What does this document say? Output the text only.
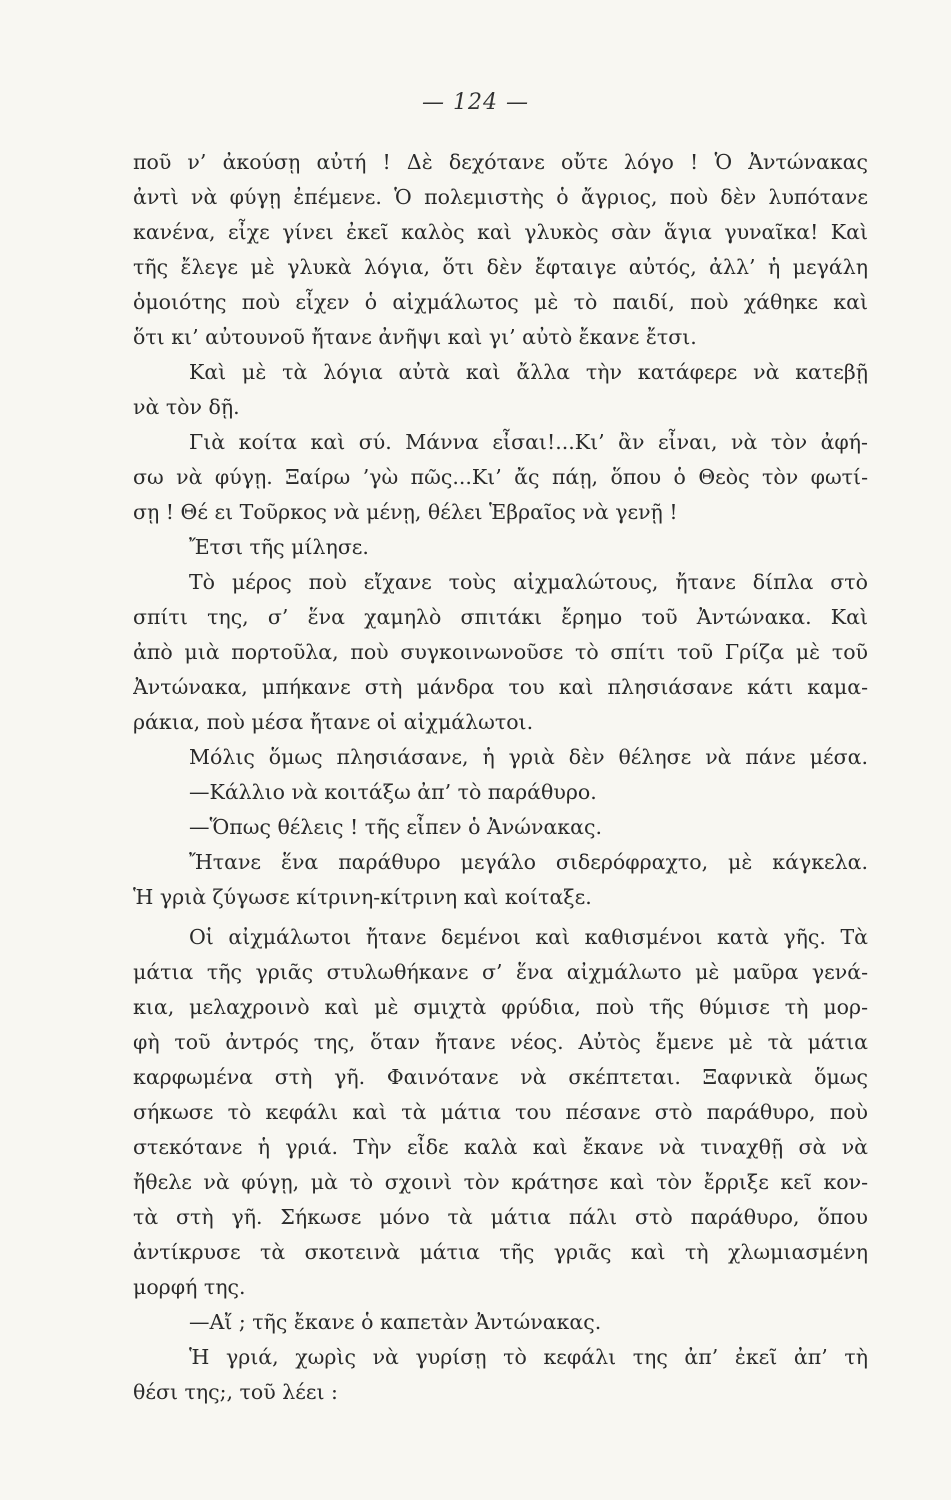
— 124 —
ποῦ ν’ ἀκούσῃ αὐτή ! Δὲ δεχότανε οὔτε λόγο ! Ὁ Ἀντώνακας
ἀντὶ νὰ φύγῃ ἐπέμενε. Ὁ πολεμιστὴς ὁ ἄγριος, ποὺ δὲν λυπότανε
κανένα, εἶχε γίνει ἐκεῖ καλὸς καὶ γλυκὸς σὰν ἅγια γυναῖκα! Καὶ
τῆς ἔλεγε μὲ γλυκὰ λόγια, ὅτι δὲν ἔφταιγε αὐτός, ἀλλ’ ἡ μεγάλη
ὁμοιότης ποὺ εἶχεν ὁ αἰχμάλωτος μὲ τὸ παιδί, ποὺ χάθηκε καὶ
ὅτι κι’ αὐτουνοῦ ἤτανε ἀνῆψι καὶ γι’ αὐτὸ ἔκανε ἔτσι.
Καὶ μὲ τὰ λόγια αὐτὰ καὶ ἄλλα τὴν κατάφερε νὰ κατεβῇ
νὰ τὸν δῇ.
Γιὰ κοίτα καὶ σύ. Μάννα εἶσαι!...Κι’ ἂν εἶναι, νὰ τὸν ἀφή-
σω νὰ φύγῃ. Ξαίρω ’γὼ πῶς...Κι’ ἄς πάῃ, ὅπου ὁ Θεὸς τὸν φωτί-
σῃ ! Θέ ει Τοῦρκος νὰ μένῃ, θέλει Ἑβραῖος νὰ γενῇ !
Ἔτσι τῆς μίλησε.
Τὸ μέρος ποὺ εἴχανε τοὺς αἰχμαλώτους, ἤτανε δίπλα στὸ
σπίτι της, σ’ ἕνα χαμηλὸ σπιτάκι ἔρημο τοῦ Ἀντώνακα. Καὶ
ἀπὸ μιὰ πορτοῦλα, ποὺ συγκοινωνοῦσε τὸ σπίτι τοῦ Γρίζα μὲ τοῦ
Ἀντώνακα, μπήκανε στὴ μάνδρα του καὶ πλησιάσανε κάτι καμα-
ράκια, ποὺ μέσα ἤτανε οἱ αἰχμάλωτοι.
Μόλις ὅμως πλησιάσανε, ἡ γριὰ δὲν θέλησε νὰ πάνε μέσα.
—Κάλλιο νὰ κοιτάξω ἀπ’ τὸ παράθυρο.
—Ὅπως θέλεις ! τῆς εἶπεν ὁ Ἀνώνακας.
Ἤτανε ἕνα παράθυρο μεγάλο σιδερόφραχτο, μὲ κάγκελα.
Ἡ γριὰ ζύγωσε κίτρινη-κίτρινη καὶ κοίταξε.
Οἱ αἰχμάλωτοι ἤτανε δεμένοι καὶ καθισμένοι κατὰ γῆς. Τὰ
μάτια τῆς γριᾶς στυλωθήκανε σ’ ἕνα αἰχμάλωτο μὲ μαῦρα γενά-
κια, μελαχροινὸ καὶ μὲ σμιχτὰ φρύδια, ποὺ τῆς θύμισε τὴ μορ-
φὴ τοῦ ἀντρός της, ὅταν ἤτανε νέος. Αὐτὸς ἔμενε μὲ τὰ μάτια
καρφωμένα στὴ γῆ. Φαινότανε νὰ σκέπτεται. Ξαφνικὰ ὅμως
σήκωσε τὸ κεφάλι καὶ τὰ μάτια του πέσανε στὸ παράθυρο, ποὺ
στεκότανε ἡ γριά. Τὴν εἶδε καλὰ καὶ ἔκανε νὰ τιναχθῇ σὰ νὰ
ἤθελε νὰ φύγῃ, μὰ τὸ σχοινὶ τὸν κράτησε καὶ τὸν ἔρριξε κεῖ κον-
τὰ στὴ γῆ. Σήκωσε μόνο τὰ μάτια πάλι στὸ παράθυρο, ὅπου
ἀντίκρυσε τὰ σκοτεινὰ μάτια τῆς γριᾶς καὶ τὴ χλωμιασμένη
μορφή της.
—Αἴ ; τῆς ἔκανε ὁ καπετὰν Ἀντώνακας.
Ἡ γριά, χωρὶς νὰ γυρίσῃ τὸ κεφάλι της ἀπ’ ἐκεῖ ἀπ’ τὴ
θέσι της;, τοῦ λέει :
